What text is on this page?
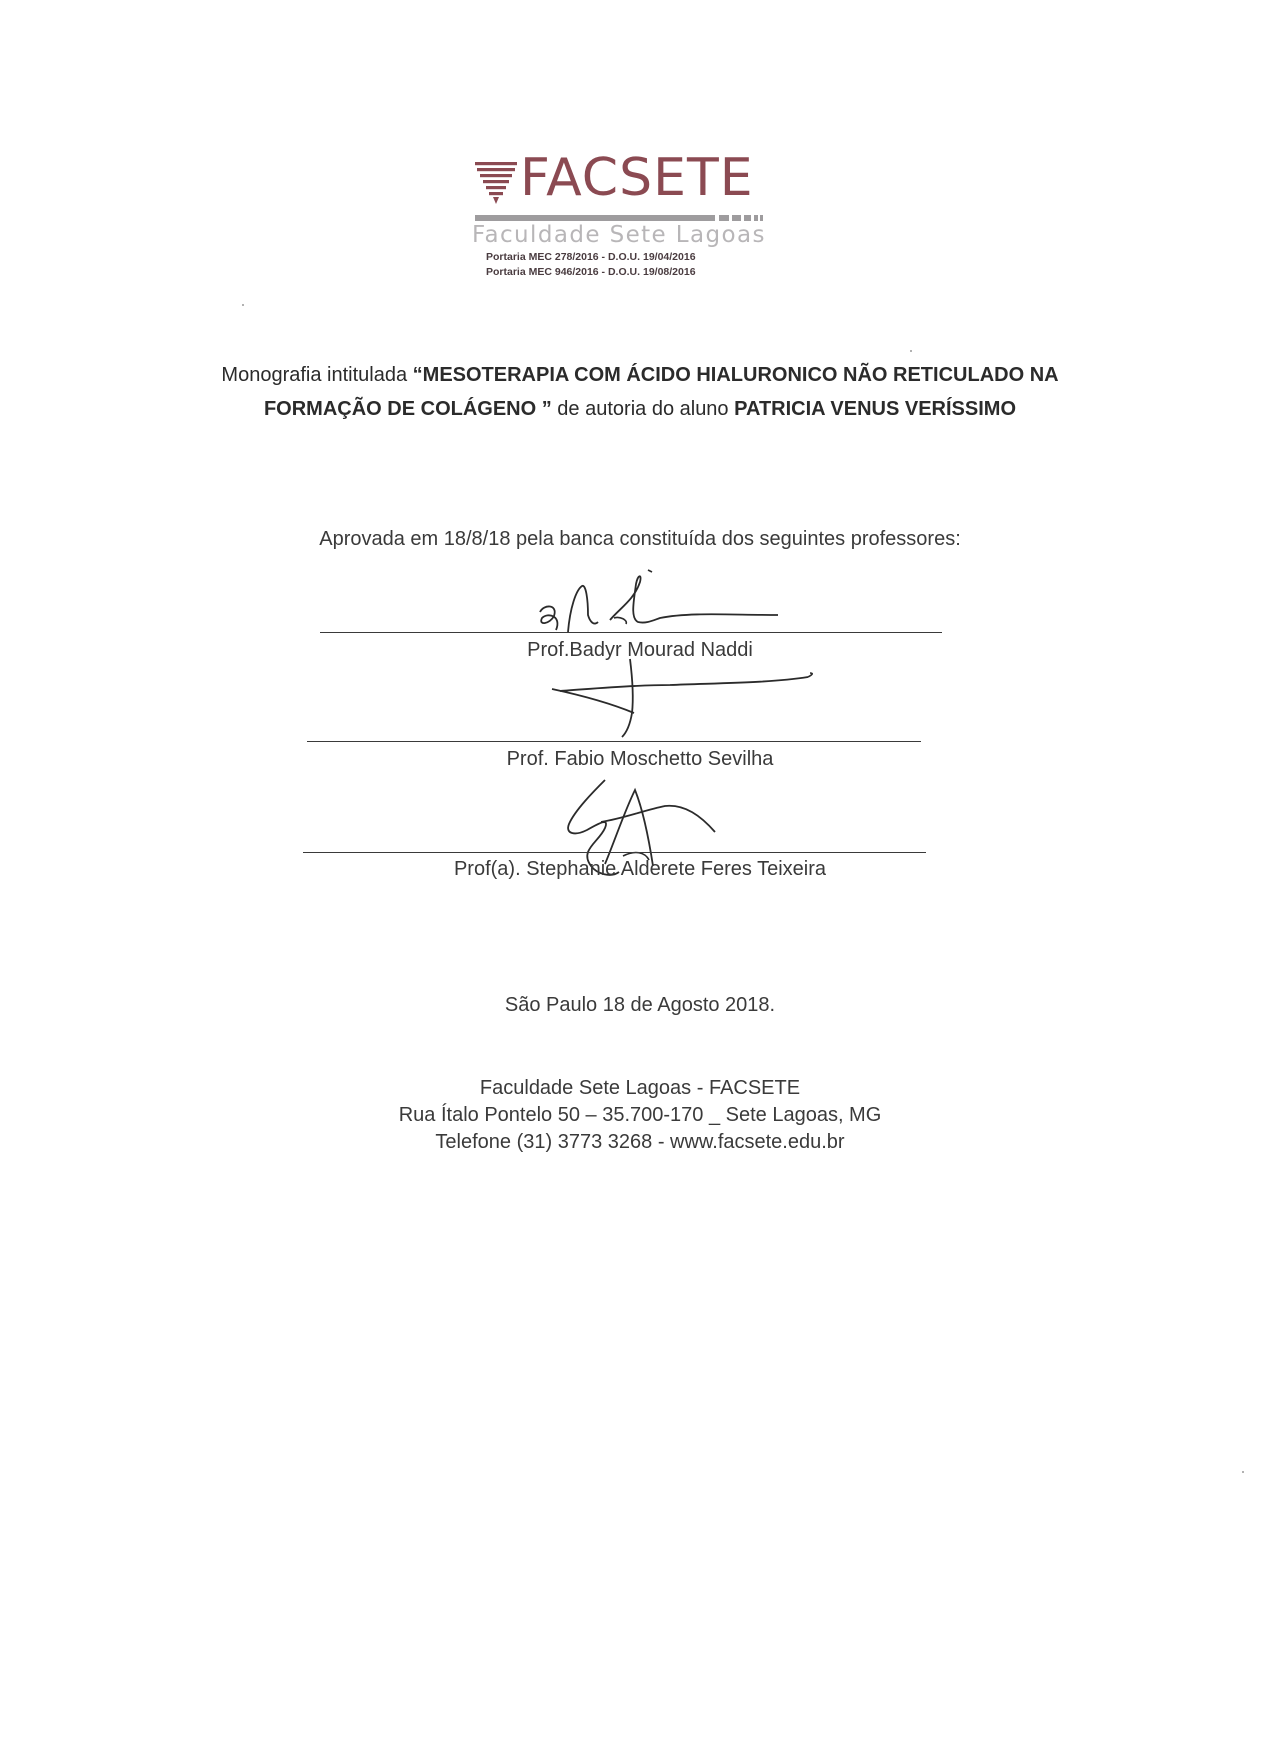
FACSETE
Faculdade Sete Lagoas
Portaria MEC 278/2016 - D.O.U. 19/04/2016
Portaria MEC 946/2016 - D.O.U. 19/08/2016
Monografia intitulada “MESOTERAPIA COM ÁCIDO HIALURONICO NÃO RETICULADO NA FORMAÇÃO DE COLÁGENO ” de autoria do aluno PATRICIA VENUS VERÍSSIMO
Aprovada em 18/8/18 pela banca constituída dos seguintes professores:
Prof.Badyr Mourad Naddi
Prof. Fabio Moschetto Sevilha
Prof(a). Stephanie Alderete Feres Teixeira
São Paulo 18 de Agosto 2018.
Faculdade Sete Lagoas - FACSETE
Rua Ítalo Pontelo 50 – 35.700-170 _ Sete Lagoas, MG
Telefone (31) 3773 3268 - www.facsete.edu.br
